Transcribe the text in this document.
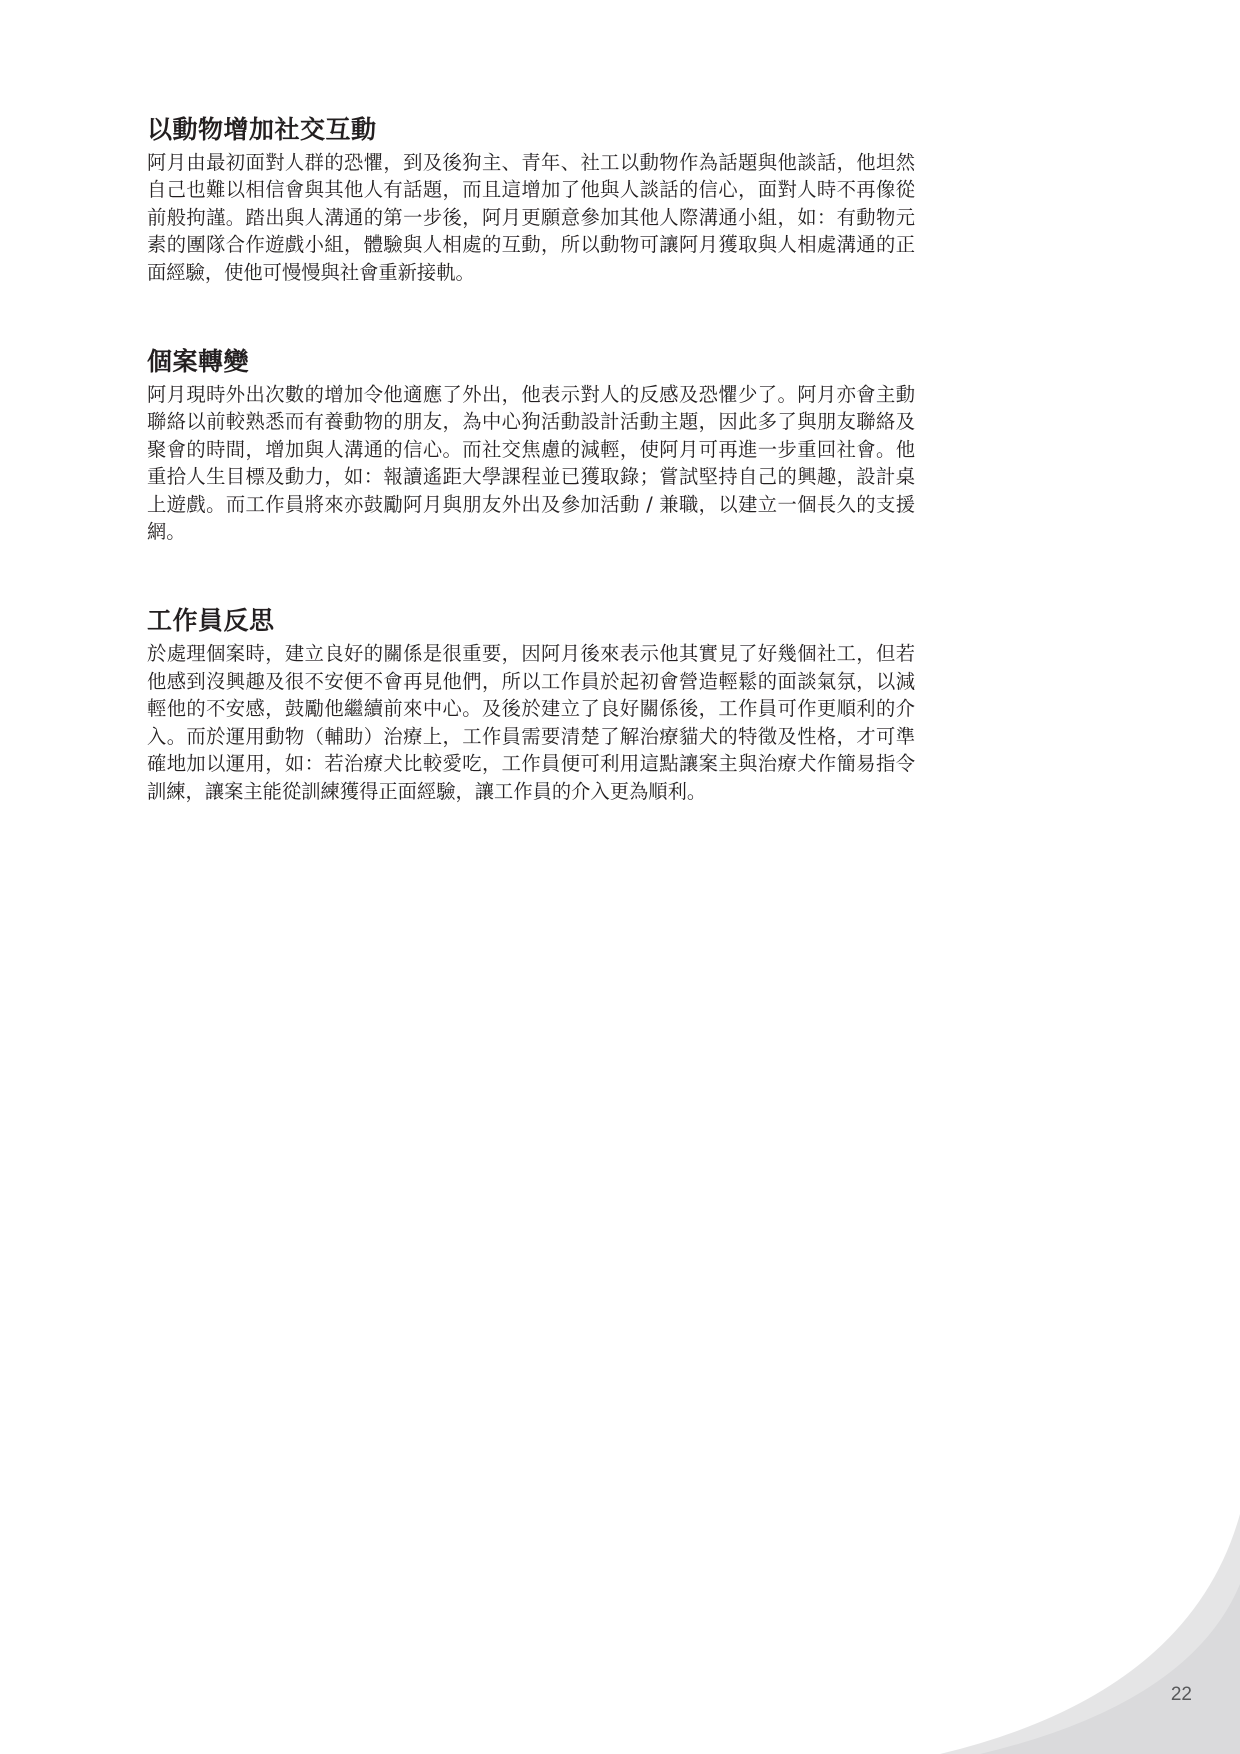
以動物增加社交互動

阿月由最初面對人群的恐懼，到及後狗主、青年、社工以動物作為話題與他談話，他坦然自己也難以相信會與其他人有話題，而且這增加了他與人談話的信心，面對人時不再像從前般拘謹。踏出與人溝通的第一步後，阿月更願意參加其他人際溝通小組，如：有動物元素的團隊合作遊戲小組，體驗與人相處的互動，所以動物可讓阿月獲取與人相處溝通的正面經驗，使他可慢慢與社會重新接軌。

個案轉變

阿月現時外出次數的增加令他適應了外出，他表示對人的反感及恐懼少了。阿月亦會主動聯絡以前較熟悉而有養動物的朋友，為中心狗活動設計活動主題，因此多了與朋友聯絡及聚會的時間，增加與人溝通的信心。而社交焦慮的減輕，使阿月可再進一步重回社會。他重拾人生目標及動力，如：報讀遙距大學課程並已獲取錄；嘗試堅持自己的興趣，設計桌上遊戲。而工作員將來亦鼓勵阿月與朋友外出及參加活動 / 兼職，以建立一個長久的支援網。

工作員反思

於處理個案時，建立良好的關係是很重要，因阿月後來表示他其實見了好幾個社工，但若他感到沒興趣及很不安便不會再見他們，所以工作員於起初會營造輕鬆的面談氣氛，以減輕他的不安感，鼓勵他繼續前來中心。及後於建立了良好關係後，工作員可作更順利的介入。而於運用動物（輔助）治療上，工作員需要清楚了解治療貓犬的特徵及性格，才可準確地加以運用，如：若治療犬比較愛吃，工作員便可利用這點讓案主與治療犬作簡易指令訓練，讓案主能從訓練獲得正面經驗，讓工作員的介入更為順利。

22
